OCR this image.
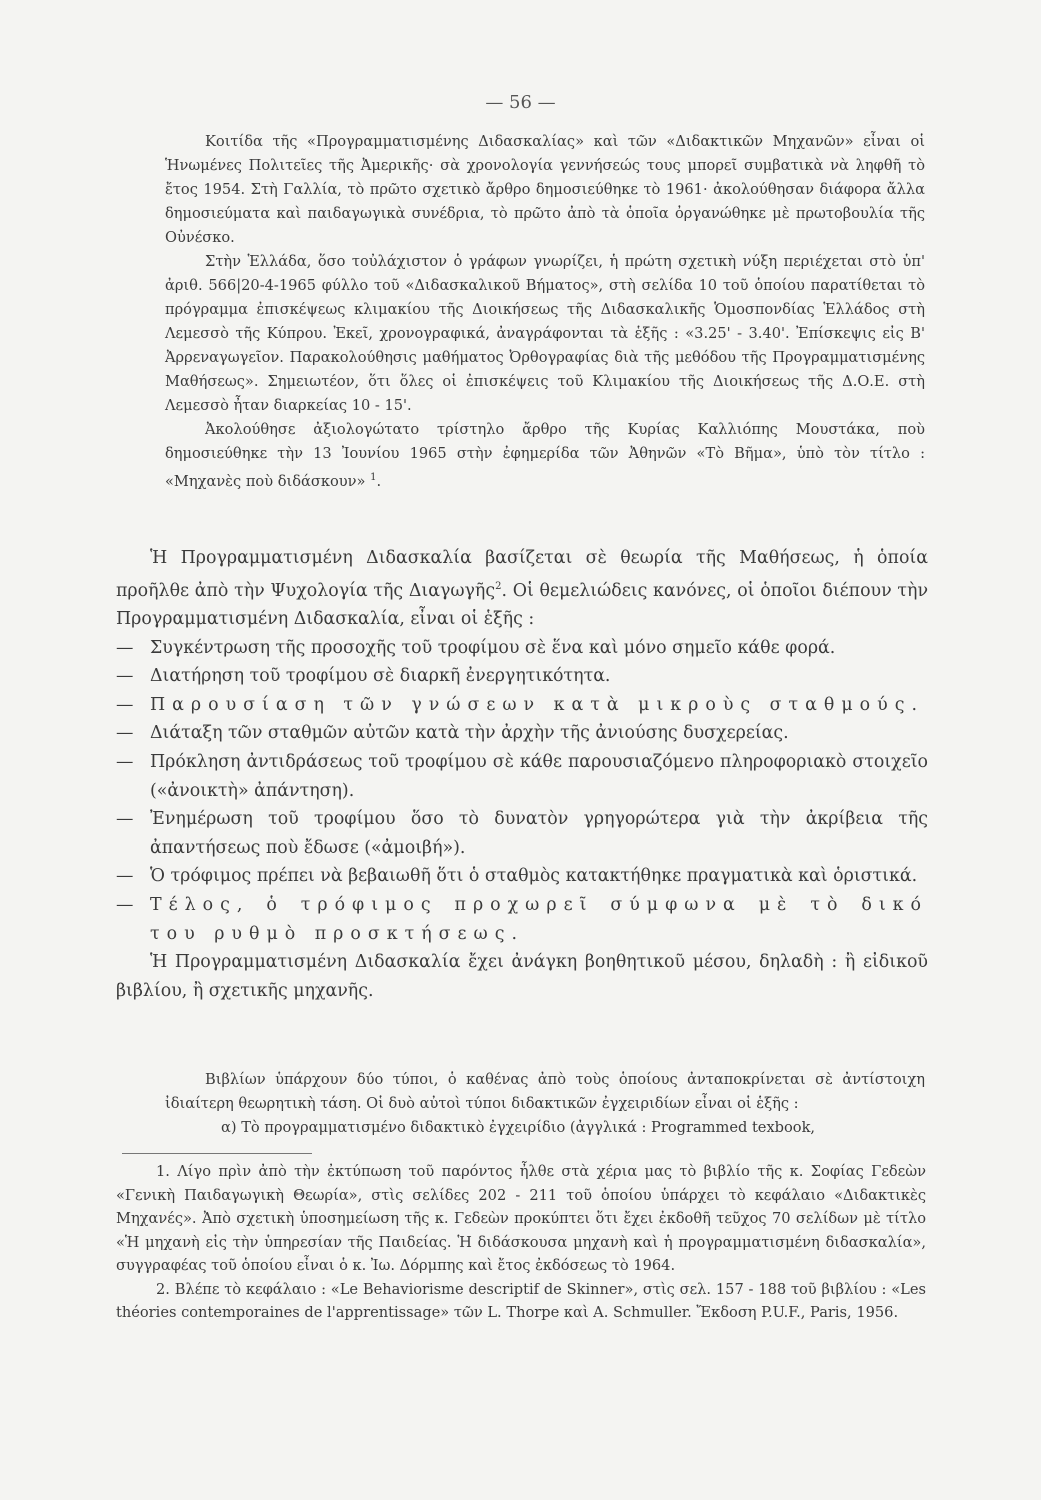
— 56 —

Κοιτίδα τῆς «Προγραμματισμένης Διδασκαλίας» καὶ τῶν «Διδακτικῶν Μηχανῶν» εἶναι οἱ Ἡνωμένες Πολιτεῖες τῆς Ἀμερικῆς· σὰ χρονολογία γεννήσεώς τους μπορεῖ συμβατικὰ νὰ ληφθῆ τὸ ἔτος 1954. Στὴ Γαλλία, τὸ πρῶτο σχετικὸ ἄρθρο δημοσιεύθηκε τὸ 1961· ἀκολούθησαν διάφορα ἄλλα δημοσιεύματα καὶ παιδαγωγικὰ συνέδρια, τὸ πρῶτο ἀπὸ τὰ ὁποῖα ὀργανώθηκε μὲ πρωτοβουλία τῆς Οὐνέσκο.

Στὴν Ἑλλάδα, ὅσο τοὐλάχιστον ὁ γράφων γνωρίζει, ἡ πρώτη σχετικὴ νύξη περιέχεται στὸ ὑπ' ἀριθ. 566|20-4-1965 φύλλο τοῦ «Διδασκαλικοῦ Βήματος», στὴ σελίδα 10 τοῦ ὁποίου παρατίθεται τὸ πρόγραμμα ἐπισκέψεως κλιμακίου τῆς Διοικήσεως τῆς Διδασκαλικῆς Ὁμοσπονδίας Ἑλλάδος στὴ Λεμεσσὸ τῆς Κύπρου. Ἐκεῖ, χρονογραφικά, ἀναγράφονται τὰ ἑξῆς : «3.25' - 3.40'. Ἐπίσκεψις εἰς Β' Ἀρρεναγωγεῖον. Παρακολούθησις μαθήματος Ὀρθογραφίας διὰ τῆς μεθόδου τῆς Προγραμματισμένης Μαθήσεως». Σημειωτέον, ὅτι ὅλες οἱ ἐπισκέψεις τοῦ Κλιμακίου τῆς Διοικήσεως τῆς Δ.Ο.Ε. στὴ Λεμεσσὸ ἦταν διαρκείας 10 - 15'.

Ἀκολούθησε ἀξιολογώτατο τρίστηλο ἄρθρο τῆς Κυρίας Καλλιόπης Μουστάκα, ποὺ δημοσιεύθηκε τὴν 13 Ἰουνίου 1965 στὴν ἐφημερίδα τῶν Ἀθηνῶν «Τὸ Βῆμα», ὑπὸ τὸν τίτλο : «Μηχανὲς ποὺ διδάσκουν» $^1$.

Ἡ Προγραμματισμένη Διδασκαλία βασίζεται σὲ θεωρία τῆς Μαθήσεως, ἡ ὁποία προῆλθε ἀπὸ τὴν Ψυχολογία τῆς Διαγωγῆς$^2$. Οἱ θεμελιώδεις κανόνες, οἱ ὁποῖοι διέπουν τὴν Προγραμματισμένη Διδασκαλία, εἶναι οἱ ἑξῆς :

— Συγκέντρωση τῆς προσοχῆς τοῦ τροφίμου σὲ ἕνα καὶ μόνο σημεῖο κάθε φορά.
— Διατήρηση τοῦ τροφίμου σὲ διαρκῆ ἐνεργητικότητα.
— Παρουσίαση τῶν γνώσεων κατὰ μικροὺς σταθμούς.
— Διάταξη τῶν σταθμῶν αὐτῶν κατὰ τὴν ἀρχὴν τῆς ἀνιούσης δυσχερείας.
— Πρόκληση ἀντιδράσεως τοῦ τροφίμου σὲ κάθε παρουσιαζόμενο πληροφοριακὸ στοιχεῖο («ἀνοικτὴ» ἀπάντηση).
— Ἐνημέρωση τοῦ τροφίμου ὅσο τὸ δυνατὸν γρηγορώτερα γιὰ τὴν ἀκρίβεια τῆς ἀπαντήσεως ποὺ ἔδωσε («ἀμοιβή»).
— Ὁ τρόφιμος πρέπει νὰ βεβαιωθῆ ὅτι ὁ σταθμὸς κατακτήθηκε πραγματικὰ καὶ ὁριστικά.
— Τέλος, ὁ τρόφιμος προχωρεῖ σύμφωνα μὲ τὸ δικό του ρυθμὸ προσκτήσεως.

Ἡ Προγραμματισμένη Διδασκαλία ἔχει ἀνάγκη βοηθητικοῦ μέσου, δηλαδὴ : ἢ εἰδικοῦ βιβλίου, ἢ σχετικῆς μηχανῆς.

Βιβλίων ὑπάρχουν δύο τύποι, ὁ καθένας ἀπὸ τοὺς ὁποίους ἀνταποκρίνεται σὲ ἀντίστοιχη ἰδιαίτερη θεωρητικὴ τάση. Οἱ δυὸ αὐτοὶ τύποι διδακτικῶν ἐγχειριδίων εἶναι οἱ ἑξῆς :

α) Τὸ προγραμματισμένο διδακτικὸ ἐγχειρίδιο (ἀγγλικά : Programmed texbook,

1. Λίγο πρὶν ἀπὸ τὴν ἐκτύπωση τοῦ παρόντος ἦλθε στὰ χέρια μας τὸ βιβλίο τῆς κ. Σοφίας Γεδεὼν «Γενικὴ Παιδαγωγικὴ Θεωρία», στὶς σελίδες 202 - 211 τοῦ ὁποίου ὑπάρχει τὸ κεφάλαιο «Διδακτικὲς Μηχανές». Ἀπὸ σχετικὴ ὑποσημείωση τῆς κ. Γεδεὼν προκύπτει ὅτι ἔχει ἐκδοθῆ τεῦχος 70 σελίδων μὲ τίτλο «Ἡ μηχανὴ εἰς τὴν ὑπηρεσίαν τῆς Παιδείας. Ἡ διδάσκουσα μηχανὴ καὶ ἡ προγραμματισμένη διδασκαλία», συγγραφέας τοῦ ὁποίου εἶναι ὁ κ. Ἰω. Δόρμπης καὶ ἔτος ἐκδόσεως τὸ 1964.

2. Βλέπε τὸ κεφάλαιο : «Le Behaviorisme descriptif de Skinner», στὶς σελ. 157 - 188 τοῦ βιβλίου : «Les théories contemporaines de l'apprentissage» τῶν L. Thorpe καὶ A. Schmuller. Ἔκδοση P.U.F., Paris, 1956.
